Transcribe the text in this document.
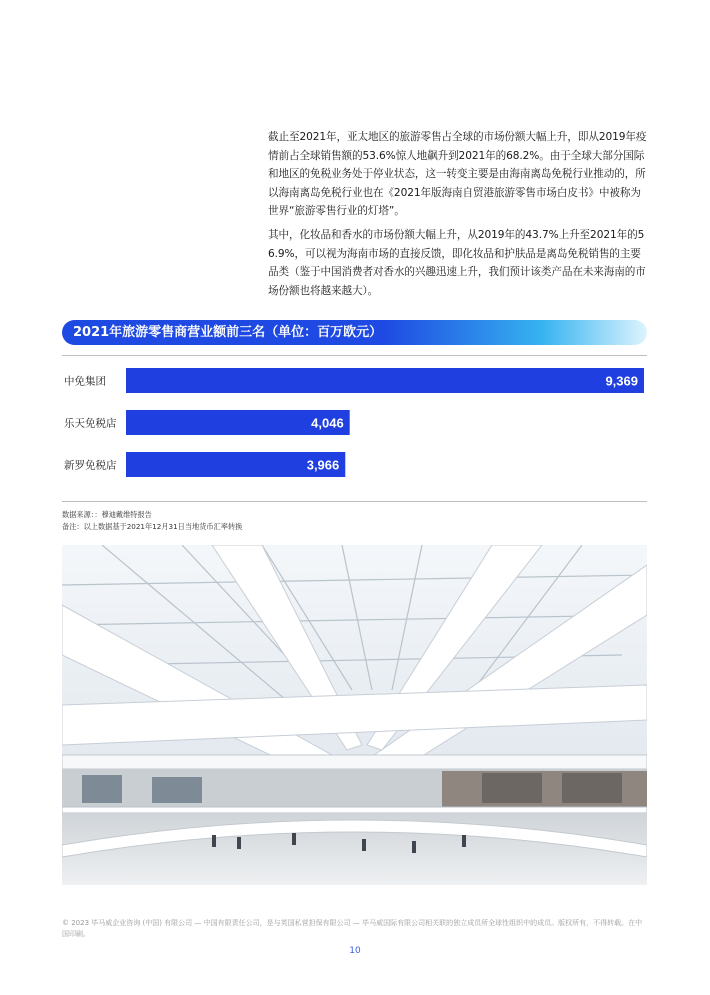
截止至2021年，亚太地区的旅游零售占全球的市场份额大幅上升，即从2019年疫情前占全球销售额的53.6%惊人地飙升到2021年的68.2%。由于全球大部分国际和地区的免税业务处于停业状态，这一转变主要是由海南离岛免税行业推动的，所以海南离岛免税行业也在《2021年版海南自贸港旅游零售市场白皮书》中被称为世界“旅游零售行业的灯塔”。

其中，化妆品和香水的市场份额大幅上升，从2019年的43.7%上升至2021年的56.9%，可以视为海南市场的直接反馈，即化妆品和护肤品是离岛免税销售的主要品类（鉴于中国消费者对香水的兴趣迅速上升，我们预计该类产品在未来海南的市场份额也将越来越大）。

2021年旅游零售商营业额前三名（单位：百万欧元）
中免集团	9,369
乐天免税店	4,046
新罗免税店	3,966
数据来源：：穆迪戴维特报告
备注：以上数据基于2021年12月31日当地货币汇率转换
© 2023 毕马威企业咨询 (中国) 有限公司 — 中国有限责任公司，是与英国私营担保有限公司 — 毕马威国际有限公司相关联的独立成员所全球性组织中的成员。版权所有，不得转载。在中国印刷。
10
